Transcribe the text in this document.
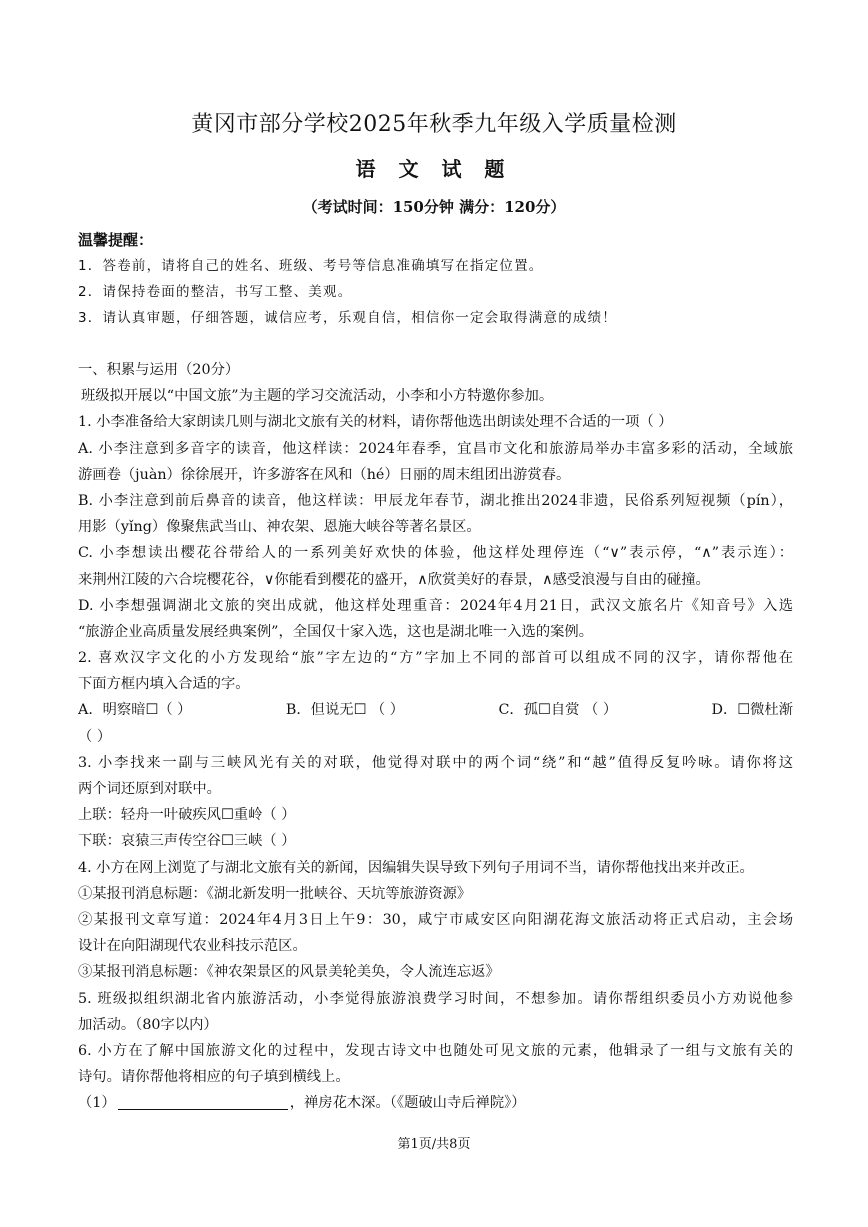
黄冈市部分学校2025年秋季九年级入学质量检测
语 文 试 题
（考试时间：150分钟 满分：120分）
温馨提醒：
1．答卷前，请将自己的姓名、班级、考号等信息准确填写在指定位置。
2．请保持卷面的整洁，书写工整、美观。
3．请认真审题，仔细答题，诚信应考，乐观自信，相信你一定会取得满意的成绩！
一、积累与运用（20分）
班级拟开展以“中国文旅”为主题的学习交流活动，小李和小方特邀你参加。
1. 小李准备给大家朗读几则与湖北文旅有关的材料，请你帮他选出朗读处理不合适的一项（ ）
A. 小李注意到多音字的读音，他这样读：2024年春季，宜昌市文化和旅游局举办丰富多彩的活动，全域旅
游画卷（juàn）徐徐展开，许多游客在风和（hé）日丽的周末组团出游赏春。
B. 小李注意到前后鼻音的读音，他这样读：甲辰龙年春节，湖北推出2024非遗，民俗系列短视频（pín），
用影（yǐng）像聚焦武当山、神农架、恩施大峡谷等著名景区。
C. 小李想读出樱花谷带给人的一系列美好欢快的体验，他这样处理停连（“∨”表示停，“∧”表示连）：
来荆州江陵的六合垸樱花谷，∨你能看到樱花的盛开，∧欣赏美好的春景，∧感受浪漫与自由的碰撞。
D. 小李想强调湖北文旅的突出成就，他这样处理重音：2024年4月21日，武汉文旅名片《知音号》入选
“旅游企业高质量发展经典案例”，全国仅十家入选，这也是湖北唯一入选的案例。
2. 喜欢汉字文化的小方发现给“旅”字左边的“方”字加上不同的部首可以组成不同的汉字，请你帮他在
下面方框内填入合适的字。
A．明察暗☐（ ）	B．但说无☐ （ ）	C．孤☐自赏 （ ）	D．☐微杜渐
（ ）
3. 小李找来一副与三峡风光有关的对联，他觉得对联中的两个词“绕”和“越”值得反复吟咏。请你将这
两个词还原到对联中。
上联：轻舟一叶破疾风☐重岭（ ）
下联：哀猿三声传空谷☐三峡（ ）
4. 小方在网上浏览了与湖北文旅有关的新闻，因编辑失误导致下列句子用词不当，请你帮他找出来并改正。
①某报刊消息标题：《湖北新发明一批峡谷、天坑等旅游资源》
②某报刊文章写道：2024年4月3日上午9：30，咸宁市咸安区向阳湖花海文旅活动将正式启动，主会场
设计在向阳湖现代农业科技示范区。
③某报刊消息标题：《神农架景区的风景美轮美奂，令人流连忘返》
5. 班级拟组织湖北省内旅游活动，小李觉得旅游浪费学习时间，不想参加。请你帮组织委员小方劝说他参
加活动。（80字以内）
6. 小方在了解中国旅游文化的过程中，发现古诗文中也随处可见文旅的元素，他辑录了一组与文旅有关的
诗句。请你帮他将相应的句子填到横线上。
（1）	，禅房花木深。（《题破山寺后禅院》）
第1页/共8页
